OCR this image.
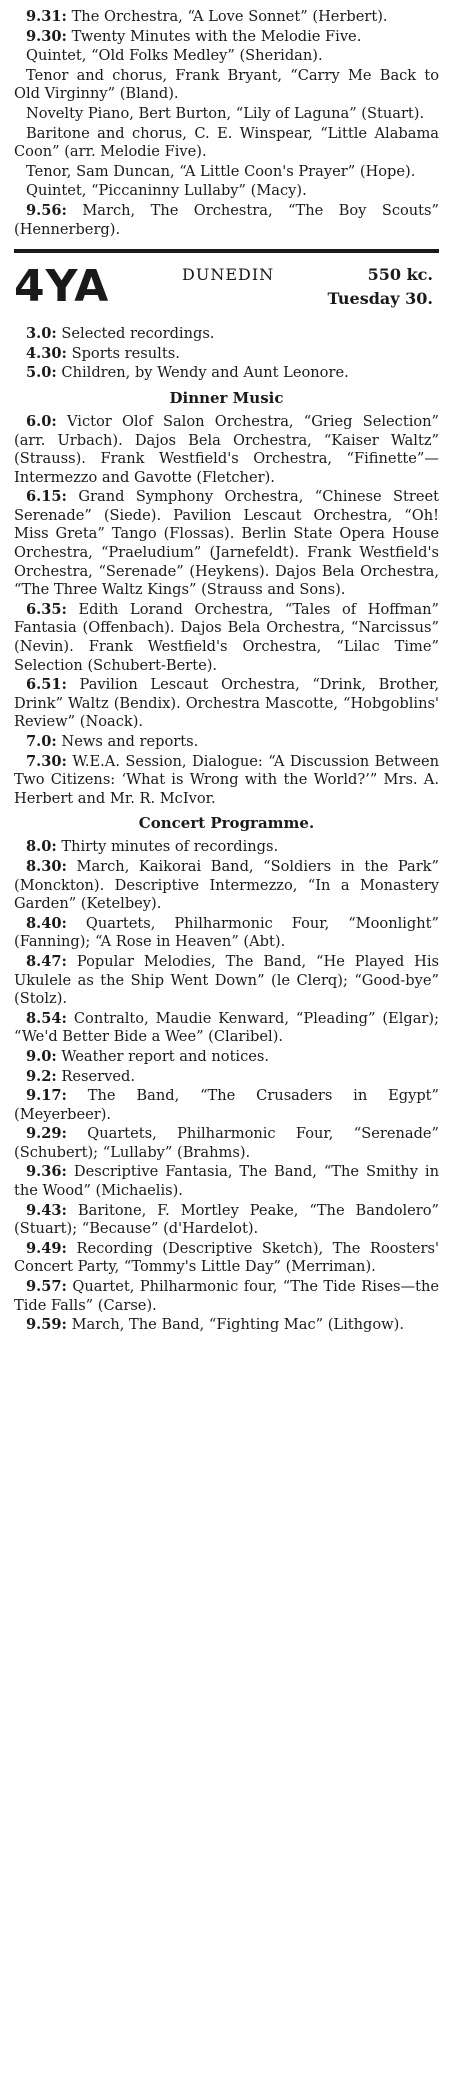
9.31: The Orchestra, “A Love Sonnet” (Herbert).

9.30: Twenty Minutes with the Melodie Five.

Quintet, “Old Folks Medley” (Sheridan).

Tenor and chorus, Frank Bryant, “Carry Me Back to Old Virginny” (Bland).

Novelty Piano, Bert Burton, “Lily of Laguna” (Stuart).

Baritone and chorus, C. E. Winspear, “Little Alabama Coon” (arr. Melodie Five).

Tenor, Sam Duncan, “A Little Coon's Prayer” (Hope).

Quintet, “Piccaninny Lullaby” (Macy).

9.56: March, The Orchestra, “The Boy Scouts” (Hennerberg).

4YA	DUNEDIN	550 kc.
Tuesday 30.

3.0: Selected recordings.

4.30: Sports results.

5.0: Children, by Wendy and Aunt Leonore.

Dinner Music

6.0: Victor Olof Salon Orchestra, “Grieg Selection” (arr. Urbach). Dajos Bela Orchestra, “Kaiser Waltz” (Strauss). Frank Westfield's Orchestra, “Fifinette”—Intermezzo and Gavotte (Fletcher).

6.15: Grand Symphony Orchestra, “Chinese Street Serenade” (Siede). Pavilion Lescaut Orchestra, “Oh! Miss Greta” Tango (Flossas). Berlin State Opera House Orchestra, “Praeludium” (Jarnefeldt). Frank Westfield's Orchestra, “Serenade” (Heykens). Dajos Bela Orchestra, “The Three Waltz Kings” (Strauss and Sons).

6.35: Edith Lorand Orchestra, “Tales of Hoffman” Fantasia (Offenbach). Dajos Bela Orchestra, “Narcissus” (Nevin). Frank Westfield's Orchestra, “Lilac Time” Selection (Schubert-Berte).

6.51: Pavilion Lescaut Orchestra, “Drink, Brother, Drink” Waltz (Bendix). Orchestra Mascotte, “Hobgoblins' Review” (Noack).

7.0: News and reports.

7.30: W.E.A. Session, Dialogue: “A Discussion Between Two Citizens: ‘What is Wrong with the World?’” Mrs. A. Herbert and Mr. R. McIvor.

Concert Programme.

8.0: Thirty minutes of recordings.

8.30: March, Kaikorai Band, “Soldiers in the Park” (Monckton). Descriptive Intermezzo, “In a Monastery Garden” (Ketelbey).

8.40: Quartets, Philharmonic Four, “Moonlight” (Fanning); “A Rose in Heaven” (Abt).

8.47: Popular Melodies, The Band, “He Played His Ukulele as the Ship Went Down” (le Clerq); “Good-bye” (Stolz).

8.54: Contralto, Maudie Kenward, “Pleading” (Elgar); “We'd Better Bide a Wee” (Claribel).

9.0: Weather report and notices.

9.2: Reserved.

9.17: The Band, “The Crusaders in Egypt” (Meyerbeer).

9.29: Quartets, Philharmonic Four, “Serenade” (Schubert); “Lullaby” (Brahms).

9.36: Descriptive Fantasia, The Band, “The Smithy in the Wood” (Michaelis).

9.43: Baritone, F. Mortley Peake, “The Bandolero” (Stuart); “Because” (d'Hardelot).

9.49: Recording (Descriptive Sketch), The Roosters' Concert Party, “Tommy's Little Day” (Merriman).

9.57: Quartet, Philharmonic four, “The Tide Rises—the Tide Falls” (Carse).

9.59: March, The Band, “Fighting Mac” (Lithgow).
